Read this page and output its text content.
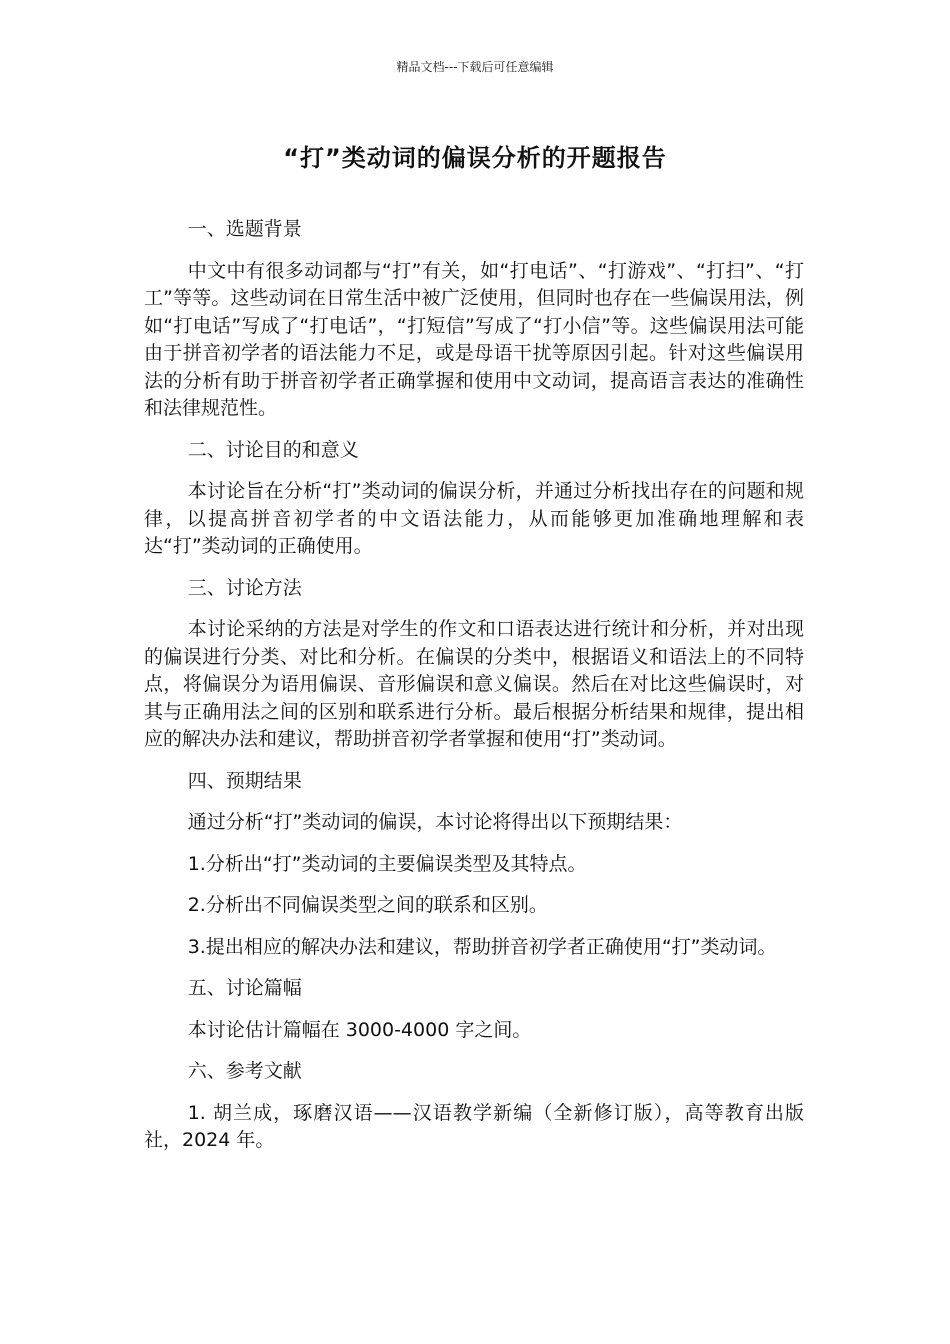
精品文档---下载后可任意编辑
“打”类动词的偏误分析的开题报告

一、选题背景

中文中有很多动词都与“打”有关，如“打电话”、“打游戏”、“打扫”、“打工”等等。这些动词在日常生活中被广泛使用，但同时也存在一些偏误用法，例如“打电话”写成了“打电话”，“打短信”写成了“打小信”等。这些偏误用法可能由于拼音初学者的语法能力不足，或是母语干扰等原因引起。针对这些偏误用法的分析有助于拼音初学者正确掌握和使用中文动词，提高语言表达的准确性和法律规范性。

二、讨论目的和意义

本讨论旨在分析“打”类动词的偏误分析，并通过分析找出存在的问题和规律，以提高拼音初学者的中文语法能力，从而能够更加准确地理解和表达“打”类动词的正确使用。

三、讨论方法

本讨论采纳的方法是对学生的作文和口语表达进行统计和分析，并对出现的偏误进行分类、对比和分析。在偏误的分类中，根据语义和语法上的不同特点，将偏误分为语用偏误、音形偏误和意义偏误。然后在对比这些偏误时，对其与正确用法之间的区别和联系进行分析。最后根据分析结果和规律，提出相应的解决办法和建议，帮助拼音初学者掌握和使用“打”类动词。

四、预期结果

通过分析“打”类动词的偏误，本讨论将得出以下预期结果：

1.分析出“打”类动词的主要偏误类型及其特点。

2.分析出不同偏误类型之间的联系和区别。

3.提出相应的解决办法和建议，帮助拼音初学者正确使用“打”类动词。

五、讨论篇幅

本讨论估计篇幅在 3000-4000 字之间。

六、参考文献

1. 胡兰成，琢磨汉语——汉语教学新编（全新修订版），高等教育出版社，2024 年。
